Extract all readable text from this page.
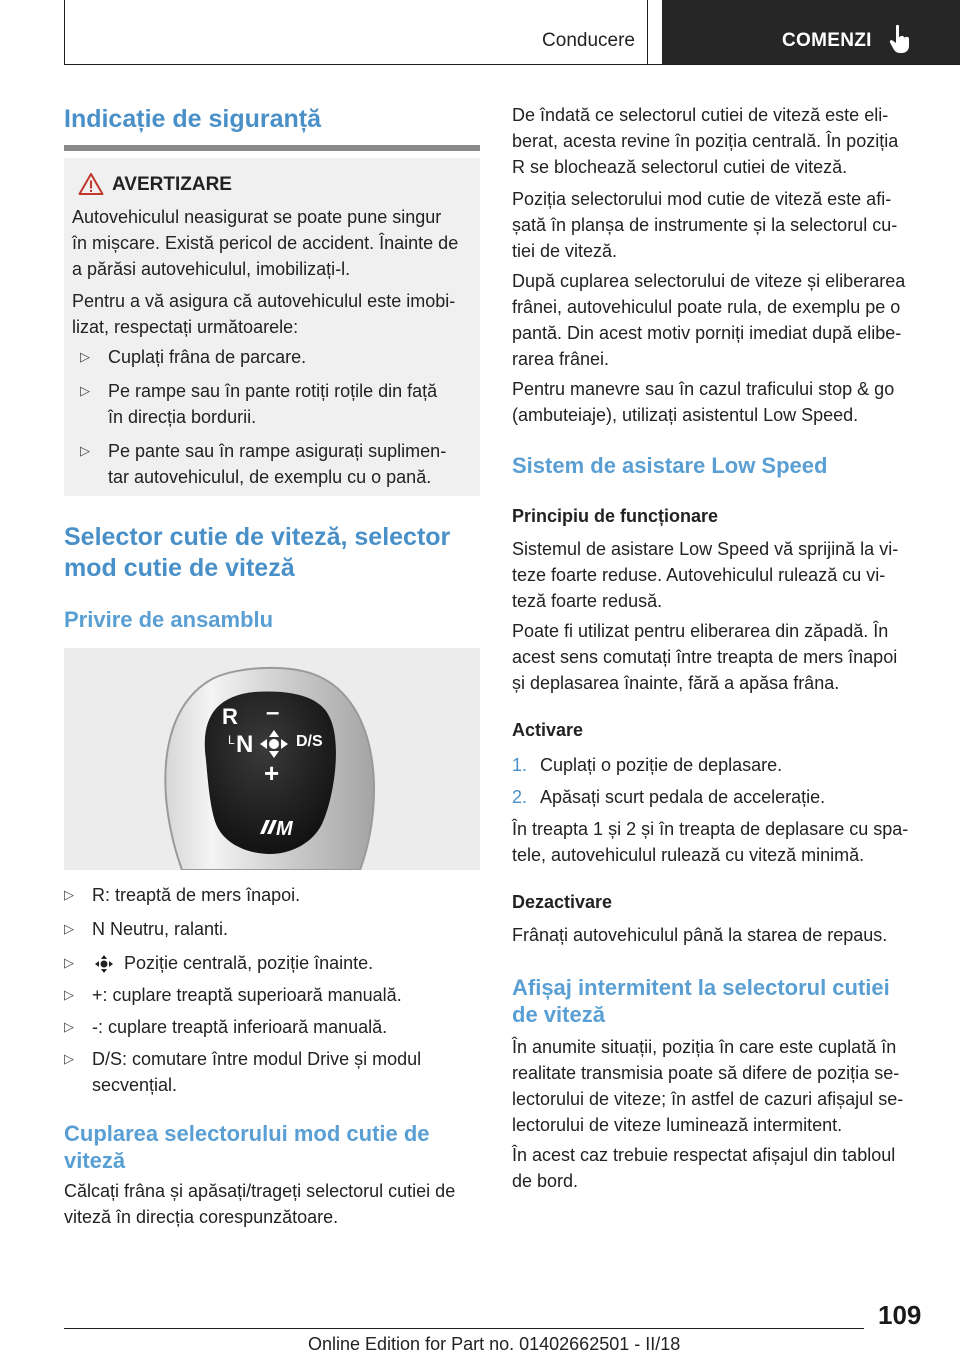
Conducere	COMENZI
Indicație de siguranță
AVERTIZARE
Autovehiculul neasigurat se poate pune singur
în mișcare. Există pericol de accident. Înainte de
a părăsi autovehiculul, imobilizați-l.
Pentru a vă asigura că autovehiculul este imobi-
lizat, respectați următoarele:
▷ Cuplați frâna de parcare.
▷ Pe rampe sau în pante rotiți roțile din față
în direcția bordurii.
▷ Pe pante sau în rampe asigurați suplimen-
tar autovehiculul, de exemplu cu o pană.
Selector cutie de viteză, selector
mod cutie de viteză
Privire de ansamblu
R –
L N	D/S
+
M
▷ R: treaptă de mers înapoi.
▷ N Neutru, ralanti.
▷	Poziție centrală, poziție înainte.
▷ +: cuplare treaptă superioară manuală.
▷ -: cuplare treaptă inferioară manuală.
▷ D/S: comutare între modul Drive și modul
secvențial.
Cuplarea selectorului mod cutie de
viteză
Călcați frâna și apăsați/trageți selectorul cutiei de
viteză în direcția corespunzătoare.
De îndată ce selectorul cutiei de viteză este eli-
berat, acesta revine în poziția centrală. În poziția
R se blochează selectorul cutiei de viteză.
Poziția selectorului mod cutie de viteză este afi-
șată în planșa de instrumente și la selectorul cu-
tiei de viteză.
După cuplarea selectorului de viteze și eliberarea
frânei, autovehiculul poate rula, de exemplu pe o
pantă. Din acest motiv porniți imediat după elibe-
rarea frânei.
Pentru manevre sau în cazul traficului stop & go
(ambuteiaje), utilizați asistentul Low Speed.
Sistem de asistare Low Speed
Principiu de funcționare
Sistemul de asistare Low Speed vă sprijină la vi-
teze foarte reduse. Autovehiculul rulează cu vi-
teză foarte redusă.
Poate fi utilizat pentru eliberarea din zăpadă. În
acest sens comutați între treapta de mers înapoi
și deplasarea înainte, fără a apăsa frâna.
Activare
1. Cuplați o poziție de deplasare.
2. Apăsați scurt pedala de accelerație.
În treapta 1 și 2 și în treapta de deplasare cu spa-
tele, autovehiculul rulează cu viteză minimă.
Dezactivare
Frânați autovehiculul până la starea de repaus.
Afișaj intermitent la selectorul cutiei
de viteză
În anumite situații, poziția în care este cuplată în
realitate transmisia poate să difere de poziția se-
lectorului de viteze; în astfel de cazuri afișajul se-
lectorului de viteze luminează intermitent.
În acest caz trebuie respectat afișajul din tabloul
de bord.
109
Online Edition for Part no. 01402662501 - II/18
